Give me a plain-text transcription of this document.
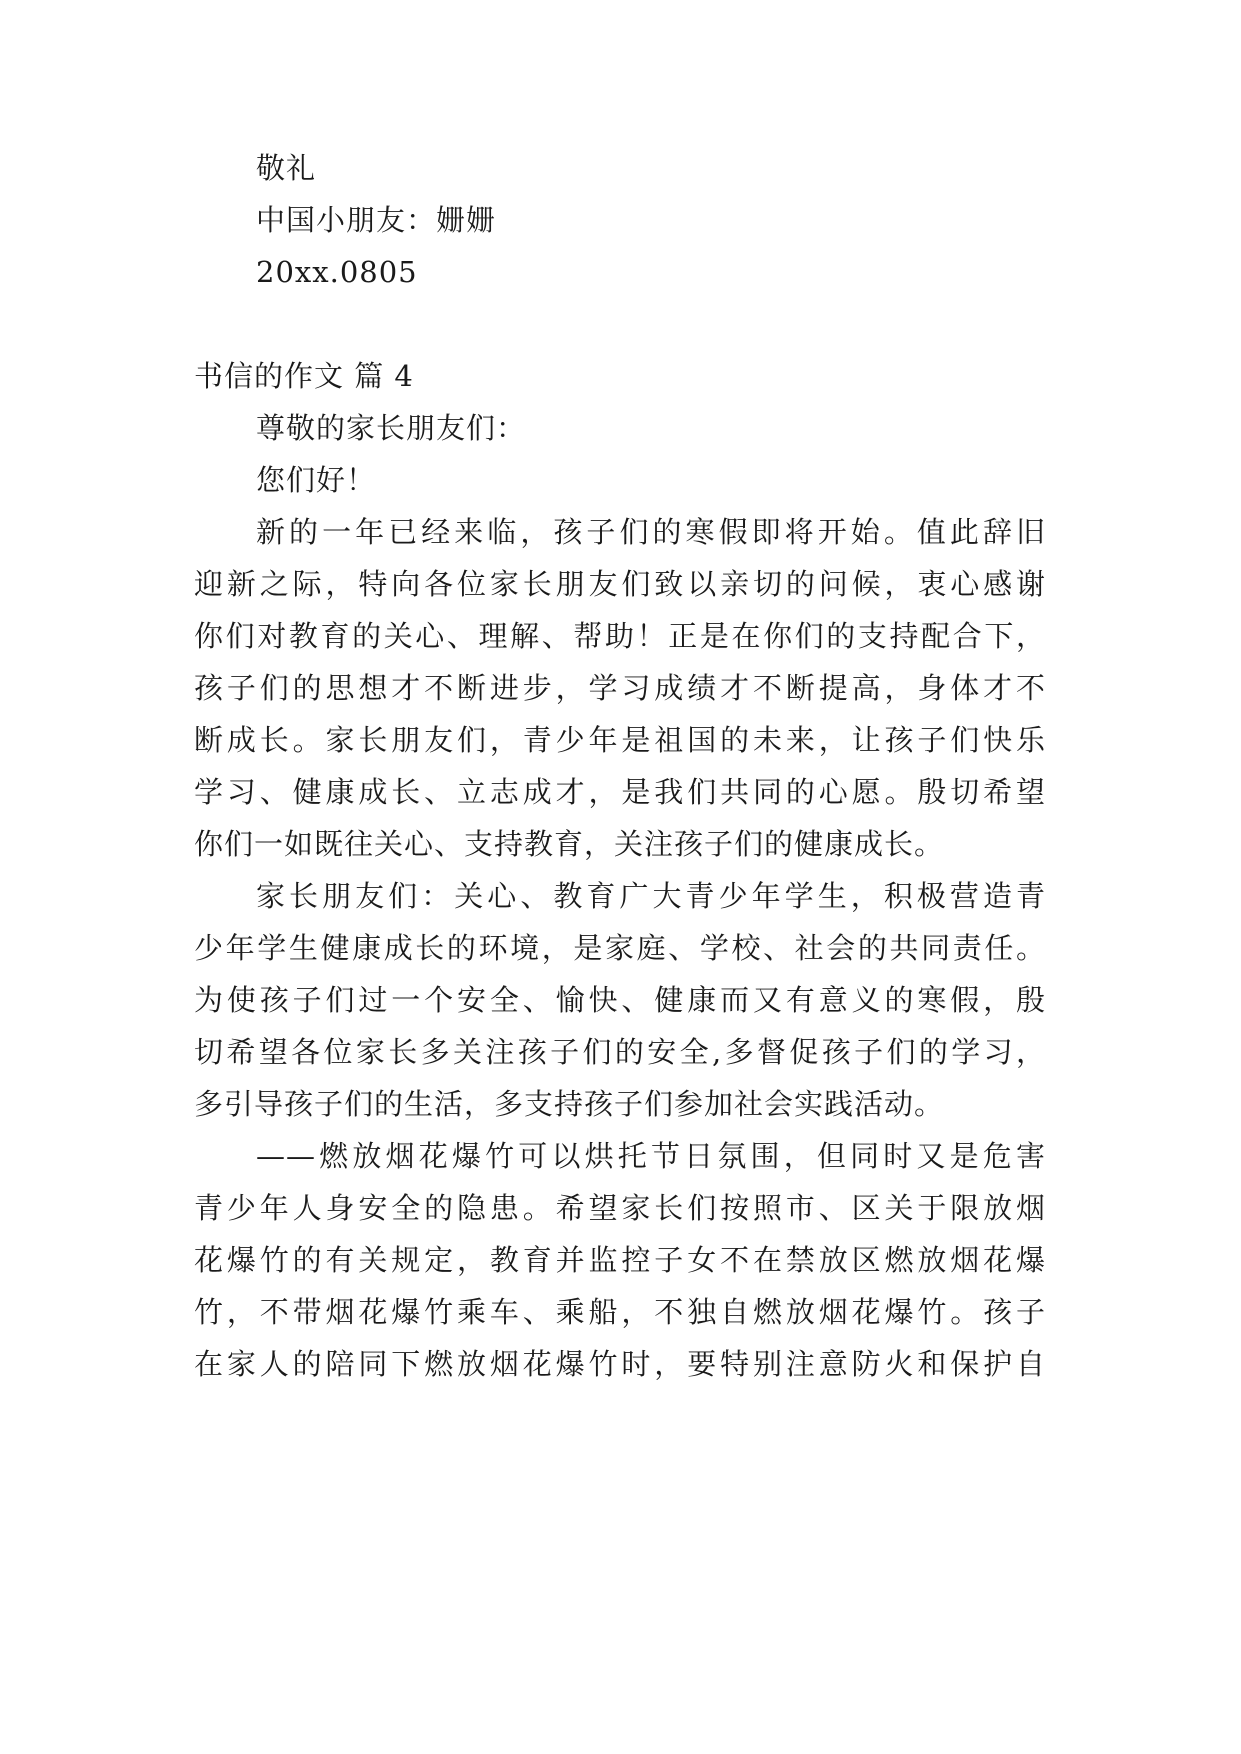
敬礼
中国小朋友：姗姗
20xx.0805
书信的作文 篇 4
尊敬的家长朋友们：
您们好！
新的一年已经来临，孩子们的寒假即将开始。值此辞旧
迎新之际，特向各位家长朋友们致以亲切的问候，衷心感谢
你们对教育的关心、理解、帮助！正是在你们的支持配合下，
孩子们的思想才不断进步，学习成绩才不断提高，身体才不
断成长。家长朋友们，青少年是祖国的未来，让孩子们快乐
学习、健康成长、立志成才，是我们共同的心愿。殷切希望
你们一如既往关心、支持教育，关注孩子们的健康成长。
家长朋友们：关心、教育广大青少年学生，积极营造青
少年学生健康成长的环境，是家庭、学校、社会的共同责任。
为使孩子们过一个安全、愉快、健康而又有意义的寒假，殷
切希望各位家长多关注孩子们的安全,多督促孩子们的学习，
多引导孩子们的生活，多支持孩子们参加社会实践活动。
——燃放烟花爆竹可以烘托节日氛围，但同时又是危害
青少年人身安全的隐患。希望家长们按照市、区关于限放烟
花爆竹的有关规定，教育并监控子女不在禁放区燃放烟花爆
竹，不带烟花爆竹乘车、乘船，不独自燃放烟花爆竹。孩子
在家人的陪同下燃放烟花爆竹时，要特别注意防火和保护自
